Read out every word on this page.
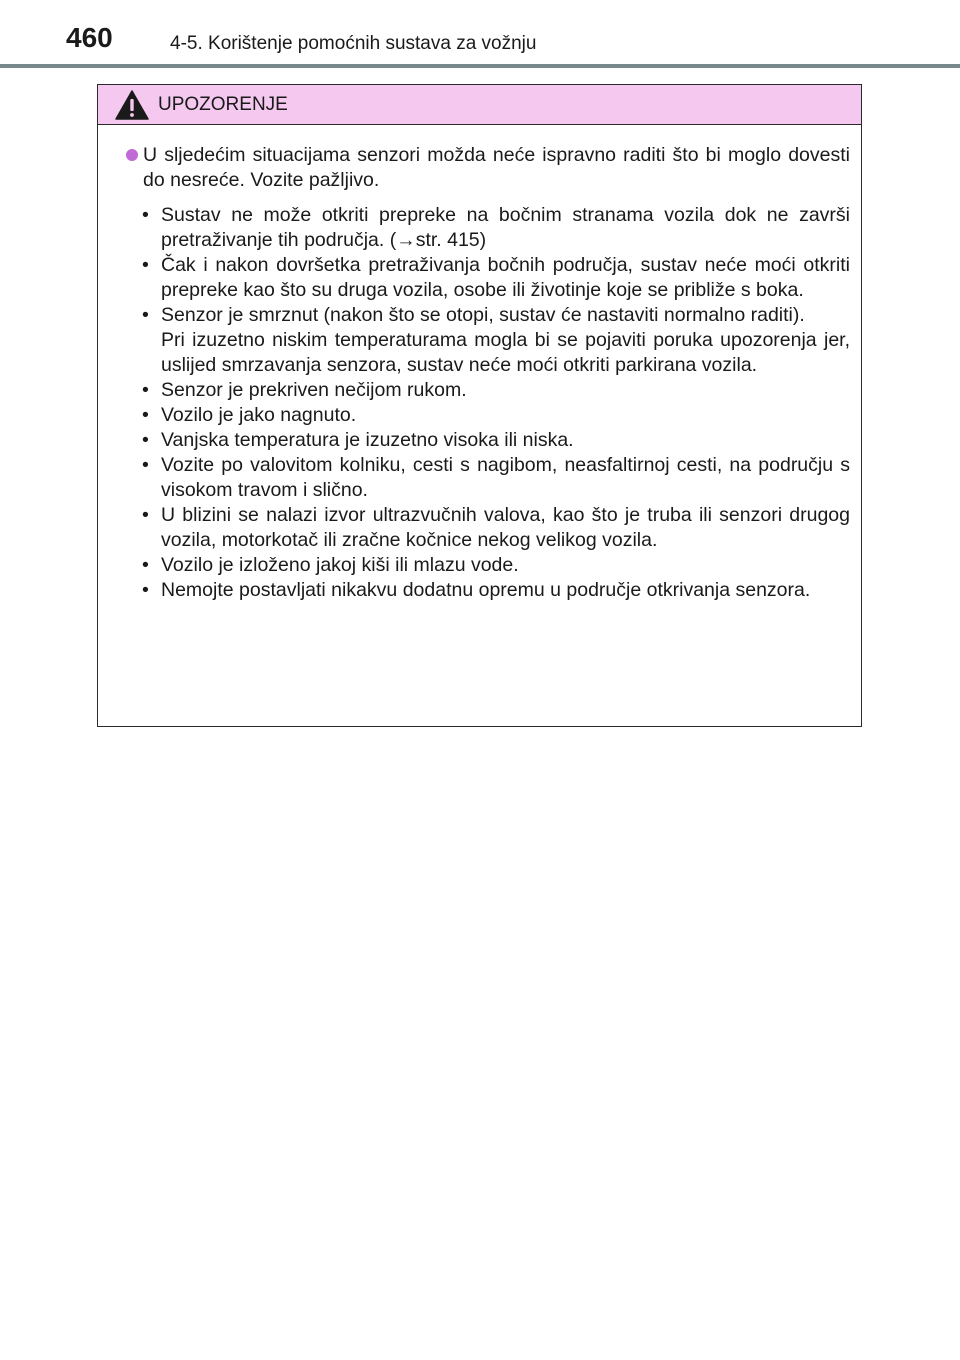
460	4-5. Korištenje pomoćnih sustava za vožnju
UPOZORENJE

U sljedećim situacijama senzori možda neće ispravno raditi što bi moglo dovesti do nesreće. Vozite pažljivo.

• Sustav ne može otkriti prepreke na bočnim stranama vozila dok ne završi pretraživanje tih područja. (→str. 415)
• Čak i nakon dovršetka pretraživanja bočnih područja, sustav neće moći otkriti prepreke kao što su druga vozila, osobe ili životinje koje se približe s boka.
• Senzor je smrznut (nakon što se otopi, sustav će nastaviti normalno raditi).
Pri izuzetno niskim temperaturama mogla bi se pojaviti poruka upozorenja jer, uslijed smrzavanja senzora, sustav neće moći otkriti parkirana vozila.
• Senzor je prekriven nečijom rukom.
• Vozilo je jako nagnuto.
• Vanjska temperatura je izuzetno visoka ili niska.
• Vozite po valovitom kolniku, cesti s nagibom, neasfaltirnoj cesti, na području s visokom travom i slično.
• U blizini se nalazi izvor ultrazvučnih valova, kao što je truba ili senzori drugog vozila, motorkotač ili zračne kočnice nekog velikog vozila.
• Vozilo je izloženo jakoj kiši ili mlazu vode.
• Nemojte postavljati nikakvu dodatnu opremu u područje otkrivanja senzora.
